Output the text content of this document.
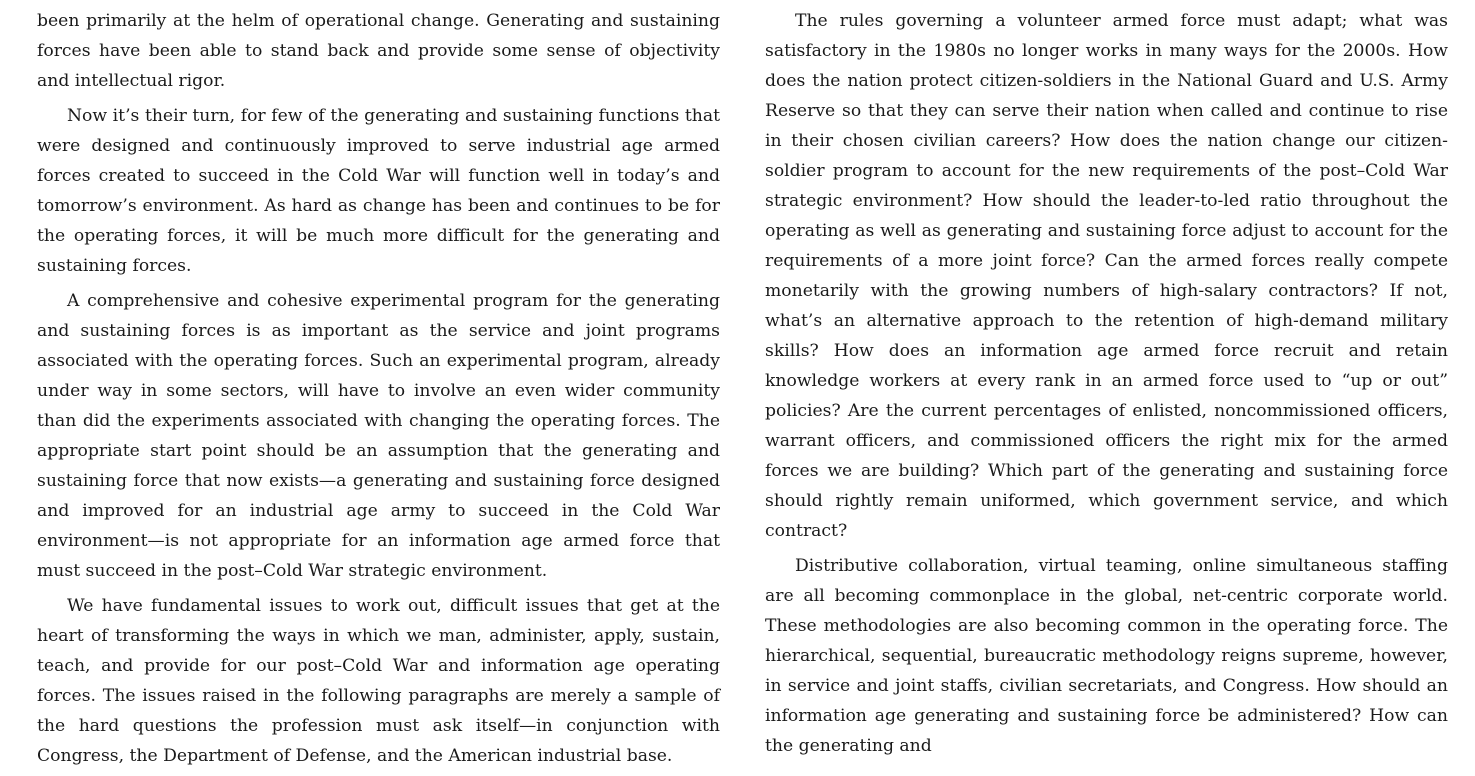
been primarily at the helm of operational change. Generating and sustaining forces have been able to stand back and provide some sense of objectivity and intellectual rigor.

Now it’s their turn, for few of the generating and sustaining functions that were designed and continuously improved to serve industrial age armed forces created to succeed in the Cold War will function well in today’s and tomorrow’s environment. As hard as change has been and continues to be for the operating forces, it will be much more difficult for the generating and sustaining forces.

A comprehensive and cohesive experimental program for the generating and sustaining forces is as important as the service and joint programs associated with the operating forces. Such an experimental program, already under way in some sectors, will have to involve an even wider community than did the experiments associated with changing the operating forces. The appropriate start point should be an assumption that the generating and sustaining force that now exists—a generating and sustaining force designed and improved for an industrial age army to succeed in the Cold War environment—is not appropriate for an information age armed force that must succeed in the post–Cold War strategic environment.

We have fundamental issues to work out, difficult issues that get at the heart of transforming the ways in which we man, administer, apply, sustain, teach, and provide for our post–Cold War and information age operating forces. The issues raised in the following paragraphs are merely a sample of the hard questions the profession must ask itself—in conjunction with Congress, the Department of Defense, and the American industrial base.

The rules governing a volunteer armed force must adapt; what was satisfactory in the 1980s no longer works in many ways for the 2000s. How does the nation protect citizen-soldiers in the National Guard and U.S. Army Reserve so that they can serve their nation when called and continue to rise in their chosen civilian careers? How does the nation change our citizen-soldier program to account for the new requirements of the post–Cold War strategic environment? How should the leader-to-led ratio throughout the operating as well as generating and sustaining force adjust to account for the requirements of a more joint force? Can the armed forces really compete monetarily with the growing numbers of high-salary contractors? If not, what’s an alternative approach to the retention of high-demand military skills? How does an information age armed force recruit and retain knowledge workers at every rank in an armed force used to “up or out” policies? Are the current percentages of enlisted, noncommissioned officers, warrant officers, and commissioned officers the right mix for the armed forces we are building? Which part of the generating and sustaining force should rightly remain uniformed, which government service, and which contract?

Distributive collaboration, virtual teaming, online simultaneous staffing are all becoming commonplace in the global, net-centric corporate world. These methodologies are also becoming common in the operating force. The hierarchical, sequential, bureaucratic methodology reigns supreme, however, in service and joint staffs, civilian secretariats, and Congress. How should an information age generating and sustaining force be administered? How can the generating and
